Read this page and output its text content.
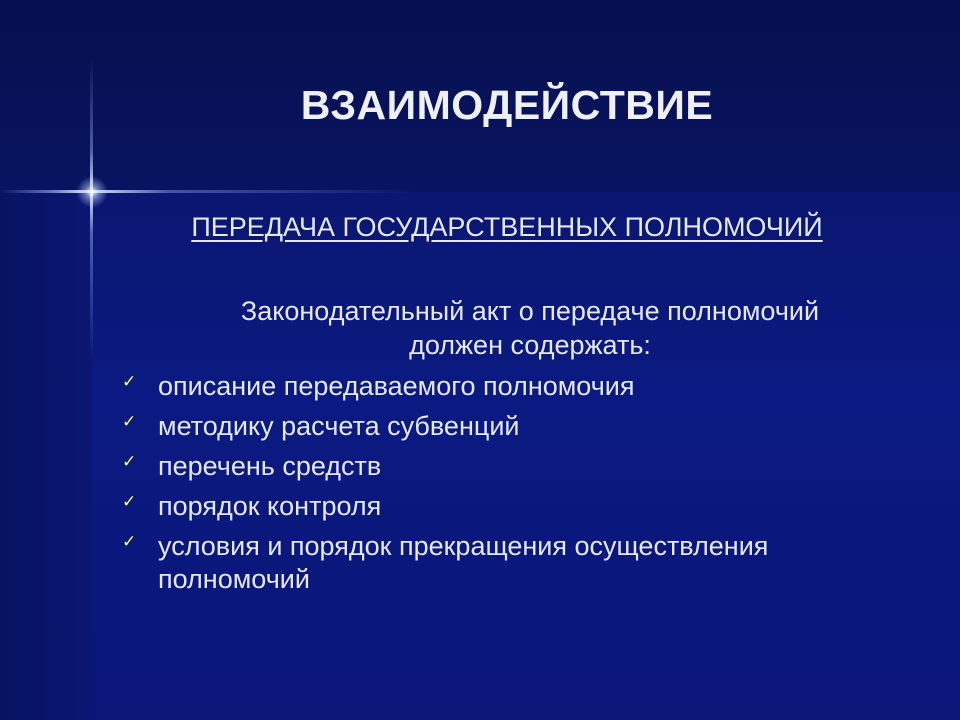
ВЗАИМОДЕЙСТВИЕ
ПЕРЕДАЧА ГОСУДАРСТВЕННЫХ ПОЛНОМОЧИЙ
Законодательный акт о передаче полномочий
должен содержать:
✓ описание передаваемого полномочия
✓ методику расчета субвенций
✓ перечень средств
✓ порядок контроля
✓ условия и порядок прекращения осуществления полномочий
